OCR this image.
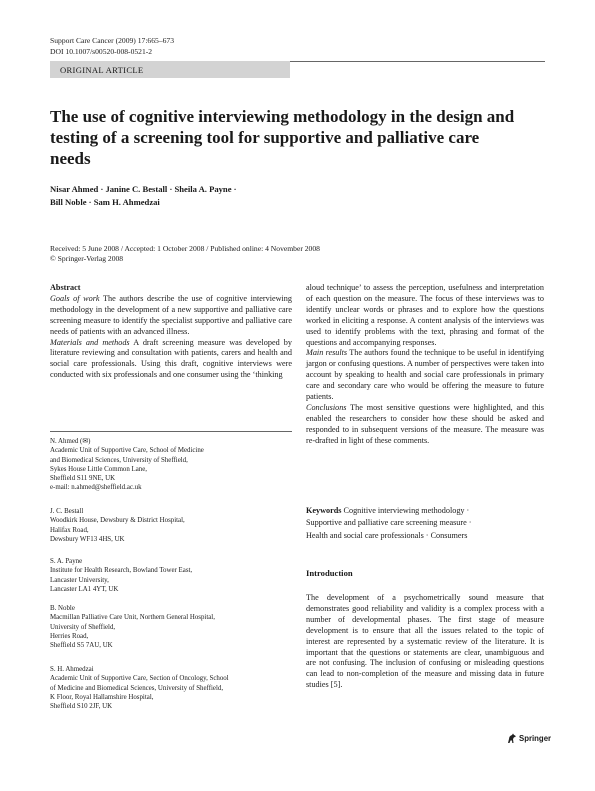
Support Care Cancer (2009) 17:665–673
DOI 10.1007/s00520-008-0521-2
ORIGINAL ARTICLE
The use of cognitive interviewing methodology in the design and testing of a screening tool for supportive and palliative care needs
Nisar Ahmed · Janine C. Bestall · Sheila A. Payne ·
Bill Noble · Sam H. Ahmedzai
Received: 5 June 2008 / Accepted: 1 October 2008 / Published online: 4 November 2008
© Springer-Verlag 2008

Abstract

Goals of work The authors describe the use of cognitive interviewing methodology in the development of a new supportive and palliative care screening measure to identify the specialist supportive and palliative care needs of patients with an advanced illness.

Materials and methods A draft screening measure was developed by literature reviewing and consultation with patients, carers and health and social care professionals. Using this draft, cognitive interviews were conducted with six professionals and one consumer using the ‘thinking

N. Ahmed (✉)
Academic Unit of Supportive Care, School of Medicine
and Biomedical Sciences, University of Sheffield,
Sykes House Little Common Lane,
Sheffield S11 9NE, UK
e-mail: n.ahmed@sheffield.ac.uk
J. C. Bestall
Woodkirk House, Dewsbury & District Hospital,
Halifax Road,
Dewsbury WF13 4HS, UK
S. A. Payne
Institute for Health Research, Bowland Tower East,
Lancaster University,
Lancaster LA1 4YT, UK
B. Noble
Macmillan Palliative Care Unit, Northern General Hospital,
University of Sheffield,
Herries Road,
Sheffield S5 7AU, UK
S. H. Ahmedzai
Academic Unit of Supportive Care, Section of Oncology, School
of Medicine and Biomedical Sciences, University of Sheffield,
K Floor, Royal Hallamshire Hospital,
Sheffield S10 2JF, UK

aloud technique’ to assess the perception, usefulness and interpretation of each question on the measure. The focus of these interviews was to identify unclear words or phrases and to explore how the questions worked in eliciting a response. A content analysis of the interviews was used to identify problems with the text, phrasing and format of the questions and accompanying responses.

Main results The authors found the technique to be useful in identifying jargon or confusing questions. A number of perspectives were taken into account by speaking to health and social care professionals in primary care and secondary care who would be offering the measure to future patients.

Conclusions The most sensitive questions were highlighted, and this enabled the researchers to consider how these should be asked and responded to in subsequent versions of the measure. The measure was re-drafted in light of these comments.

Keywords Cognitive interviewing methodology ·
Supportive and palliative care screening measure ·
Health and social care professionals · Consumers
Introduction

The development of a psychometrically sound measure that demonstrates good reliability and validity is a complex process with a number of developmental phases. The first stage of measure development is to ensure that all the issues related to the topic of interest are represented by a systematic review of the literature. It is important that the questions or statements are clear, unambiguous and are not confusing. The inclusion of confusing or misleading questions can lead to non-completion of the measure and missing data in future studies [5].

Springer
